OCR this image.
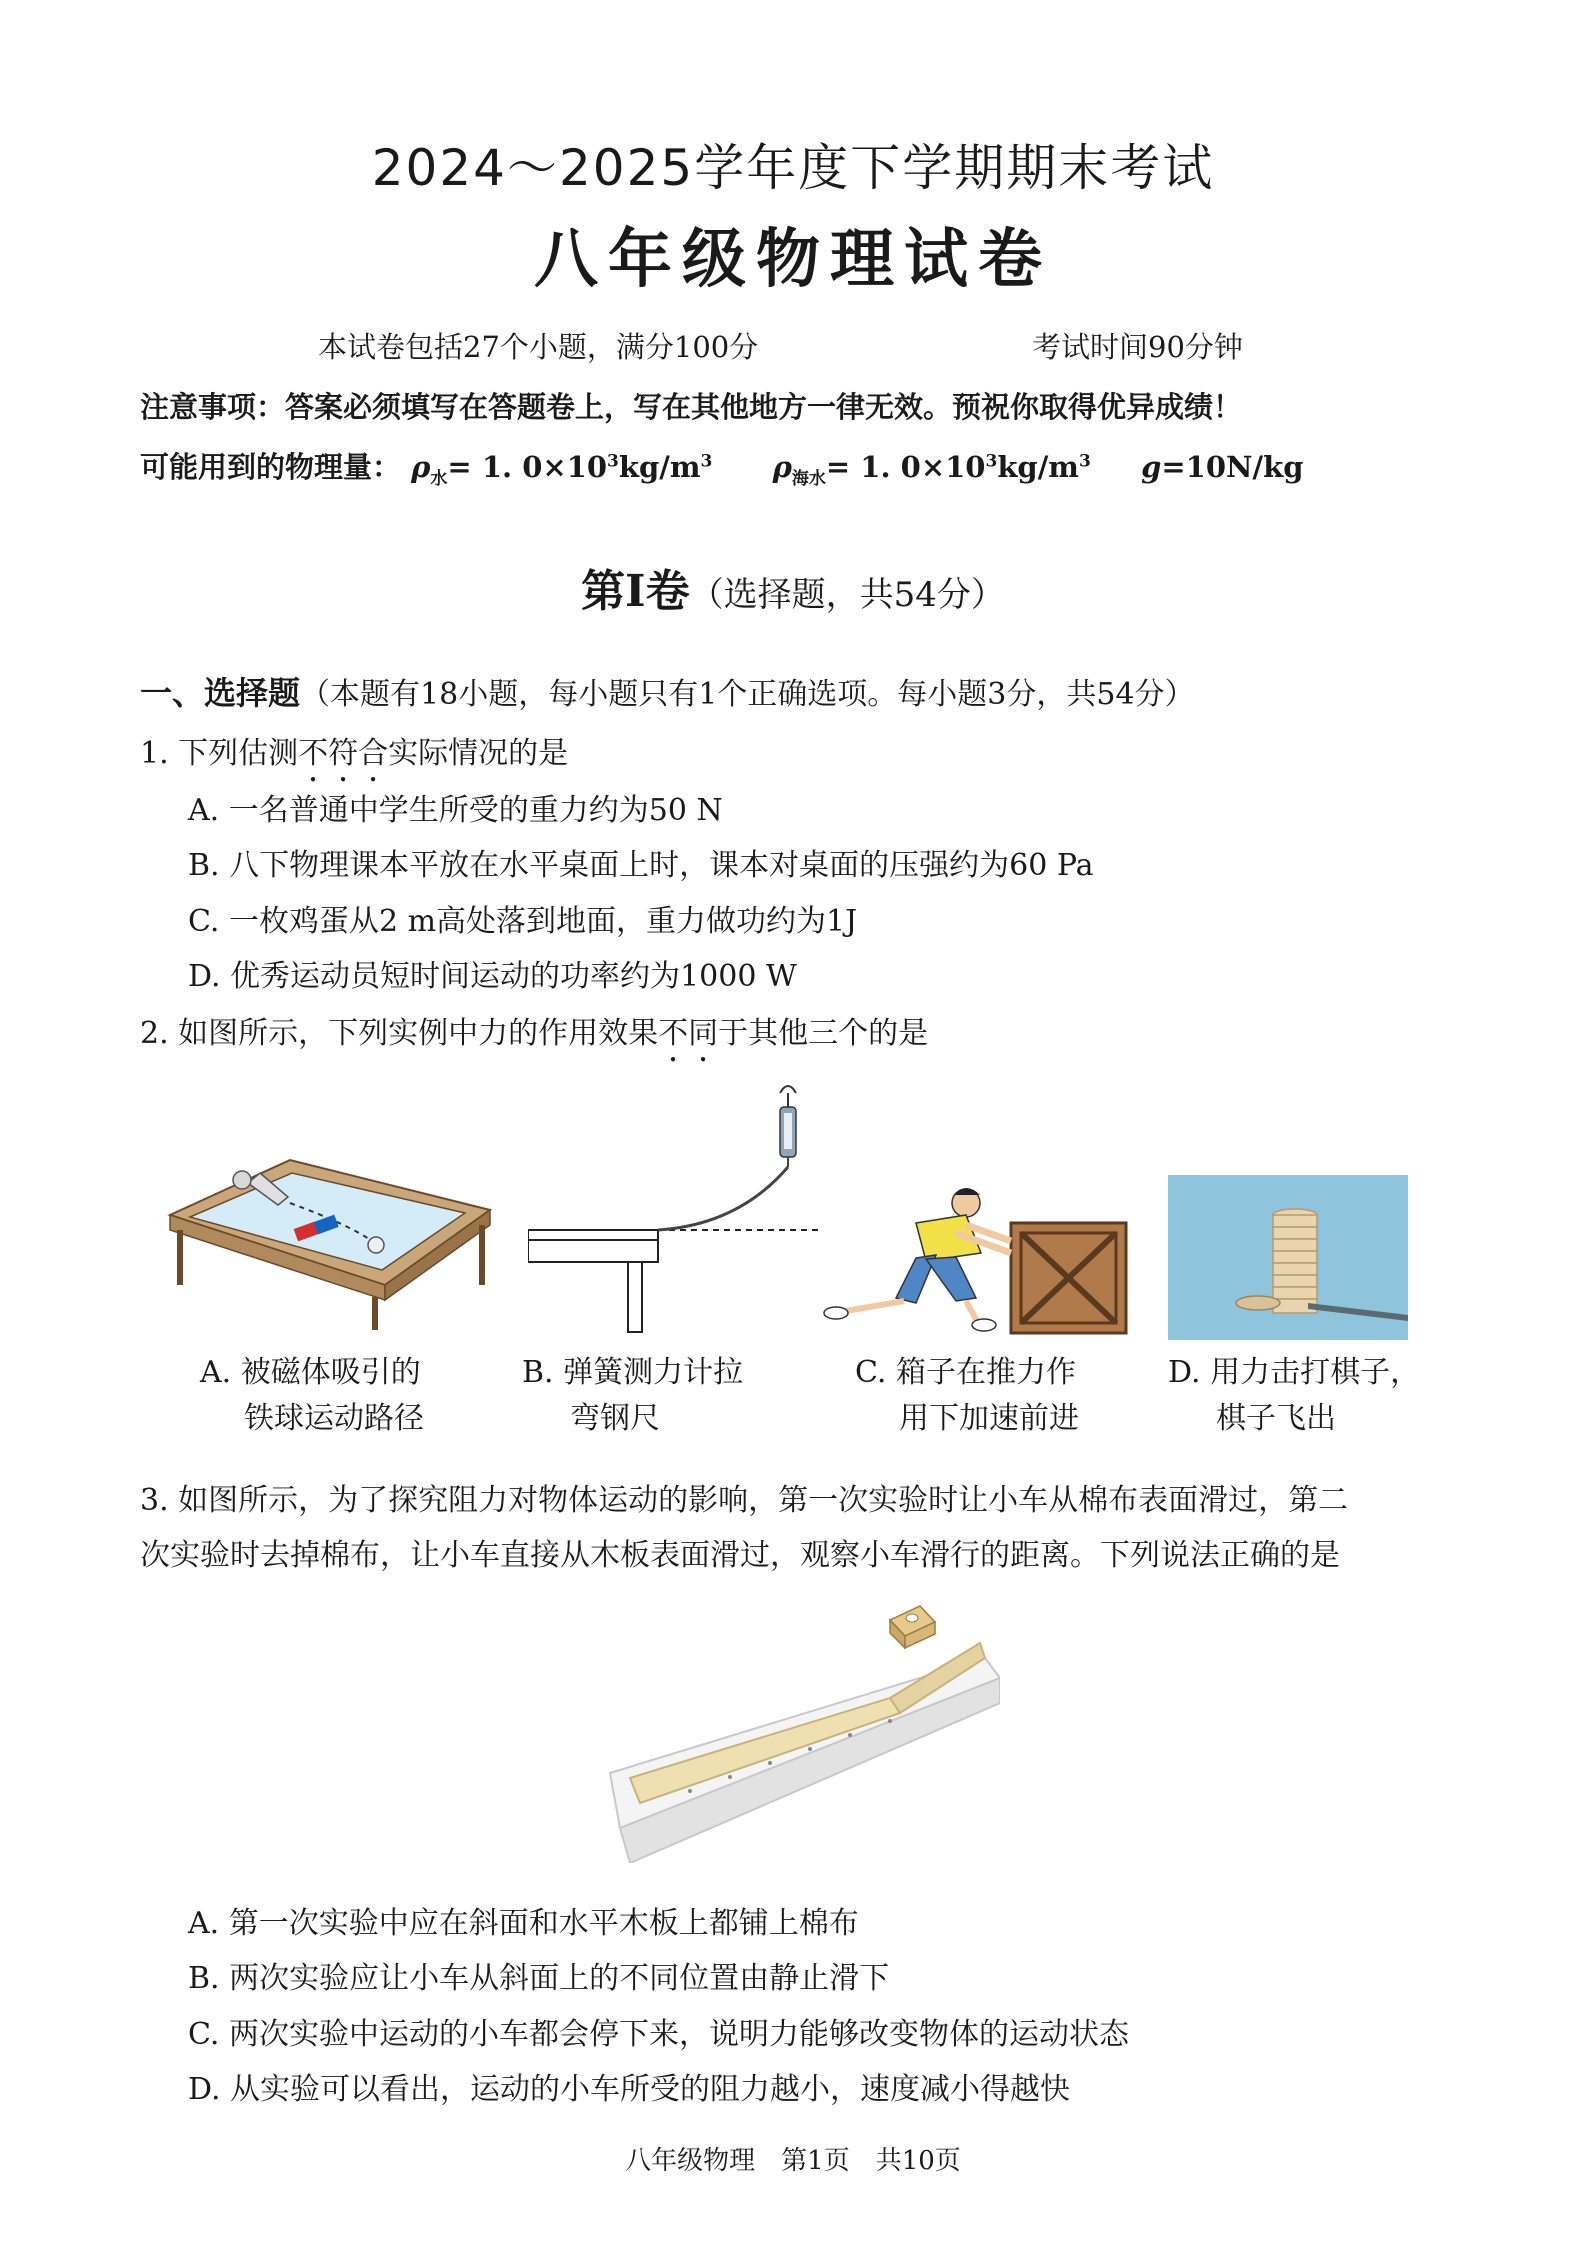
2024～2025学年度下学期期末考试
八年级物理试卷
本试卷包括27个小题，满分100分	考试时间90分钟
注意事项：答案必须填写在答题卷上，写在其他地方一律无效。预祝你取得优异成绩！
可能用到的物理量： $\rho_水= 1$. $0\times 10^3kg/m^3$ $\rho_{海水}= 1$. $0\times 10^3kg/m^3$ g=10N/kg
第Ⅰ卷（选择题，共54分）
一、选择题（本题有18小题，每小题只有1个正确选项。每小题3分，共54分）
1. 下列估测不符合实际情况的是
A. 一名普通中学生所受的重力约为50 N
B. 八下物理课本平放在水平桌面上时，课本对桌面的压强约为60 Pa
C. 一枚鸡蛋从2 m高处落到地面，重力做功约为1J
D. 优秀运动员短时间运动的功率约为1000 W
2. 如图所示，下列实例中力的作用效果不同于其他三个的是
A. 被磁体吸引的
铁球运动路径
B. 弹簧测力计拉
弯钢尺
C. 箱子在推力作
用下加速前进
D. 用力击打棋子，
棋子飞出
3. 如图所示，为了探究阻力对物体运动的影响，第一次实验时让小车从棉布表面滑过，第二
次实验时去掉棉布，让小车直接从木板表面滑过，观察小车滑行的距离。下列说法正确的是
A. 第一次实验中应在斜面和水平木板上都铺上棉布
B. 两次实验应让小车从斜面上的不同位置由静止滑下
C. 两次实验中运动的小车都会停下来，说明力能够改变物体的运动状态
D. 从实验可以看出，运动的小车所受的阻力越小，速度减小得越快
八年级物理　第1页　共10页
